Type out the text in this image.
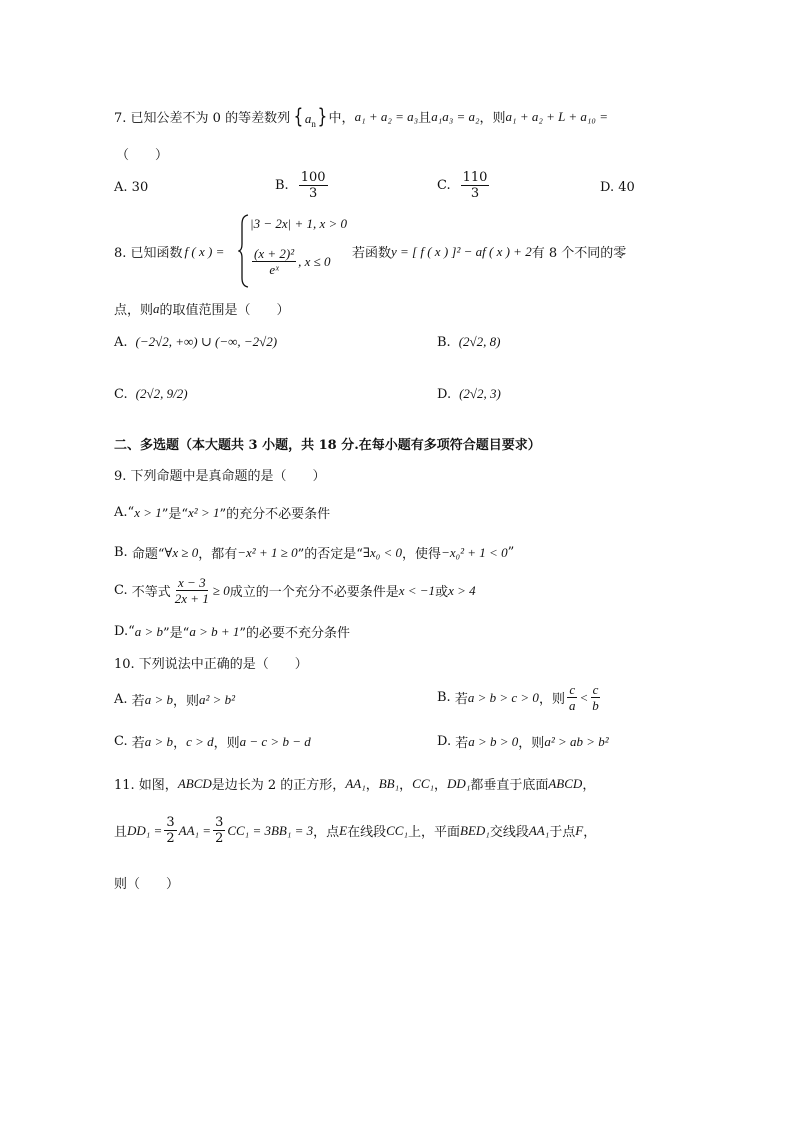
7. 已知公差不为 0 的等差数列 { $a_n$} 中， a₁ + a₂ = a₃ 且 a₁a₃ = a₂ ，则 a₁ + a₂ + L + a₁₀ =
（　　）
A.
30	B. $\frac{100}{3}$	C. $\frac{110}{3}$	D.
40
8. 已知函数 f ( x ) =
|3 − 2x| + 1, x > 0
$\frac{\text{(x + 2)²}}{\text{eˣ}}$ , x ≤ 0 若函数 y = [ f ( x ) ]² − af ( x ) + 2 有 8 个不同的零
点，则 a 的取值范围是（　　）
A. (−2√2, +∞) ∪ (−∞, −2√2)	B. (2√2, 8)
C. (2√2, 9/2)	D. (2√2, 3)
二、多选题（本大题共 3 小题，共 18 分.在每小题有多项符合题目要求）
9. 下列命题中是真命题的是（　　）
A. “ x > 1 ”是“ x² > 1 ”的充分不必要条件
B.
命题“ ∀x ≥ 0 ，都有 −x² + 1 ≥ 0 ”的否定是“ ∃x₀ < 0 ，使得 −x₀² + 1 < 0 ”
C.
不等式 $\frac{x - 3}{2x + 1} \ge 0$ 成立的一个充分不必要条件是 x < −1 或 x > 4
D. “ a > b ”是“ a > b + 1 ”的必要不充分条件
10. 下列说法中正确的是（　　）
A.
若 a > b ，则 a² > b²	B.
若 a > b > c > 0 ，则 $\frac{c}{a} < \frac{c}{b}$
C.
若 a > b ， c > d ，则 a − c > b − d	D.
若 a > b > 0 ，则 a² > ab > b²
11. 如图， ABCD 是边长为 2 的正方形， AA₁ ， BB₁ ， CC₁ ， DD₁ 都垂直于底面 ABCD ，
且 $DD_1 = \frac{3}{2} AA_1 = \frac{3}{2} CC_1 = 3BB_1 = 3$ ，点 E 在线段 CC₁ 上，平面 BED₁ 交线段 AA₁ 于点 F ，
则（　　）
